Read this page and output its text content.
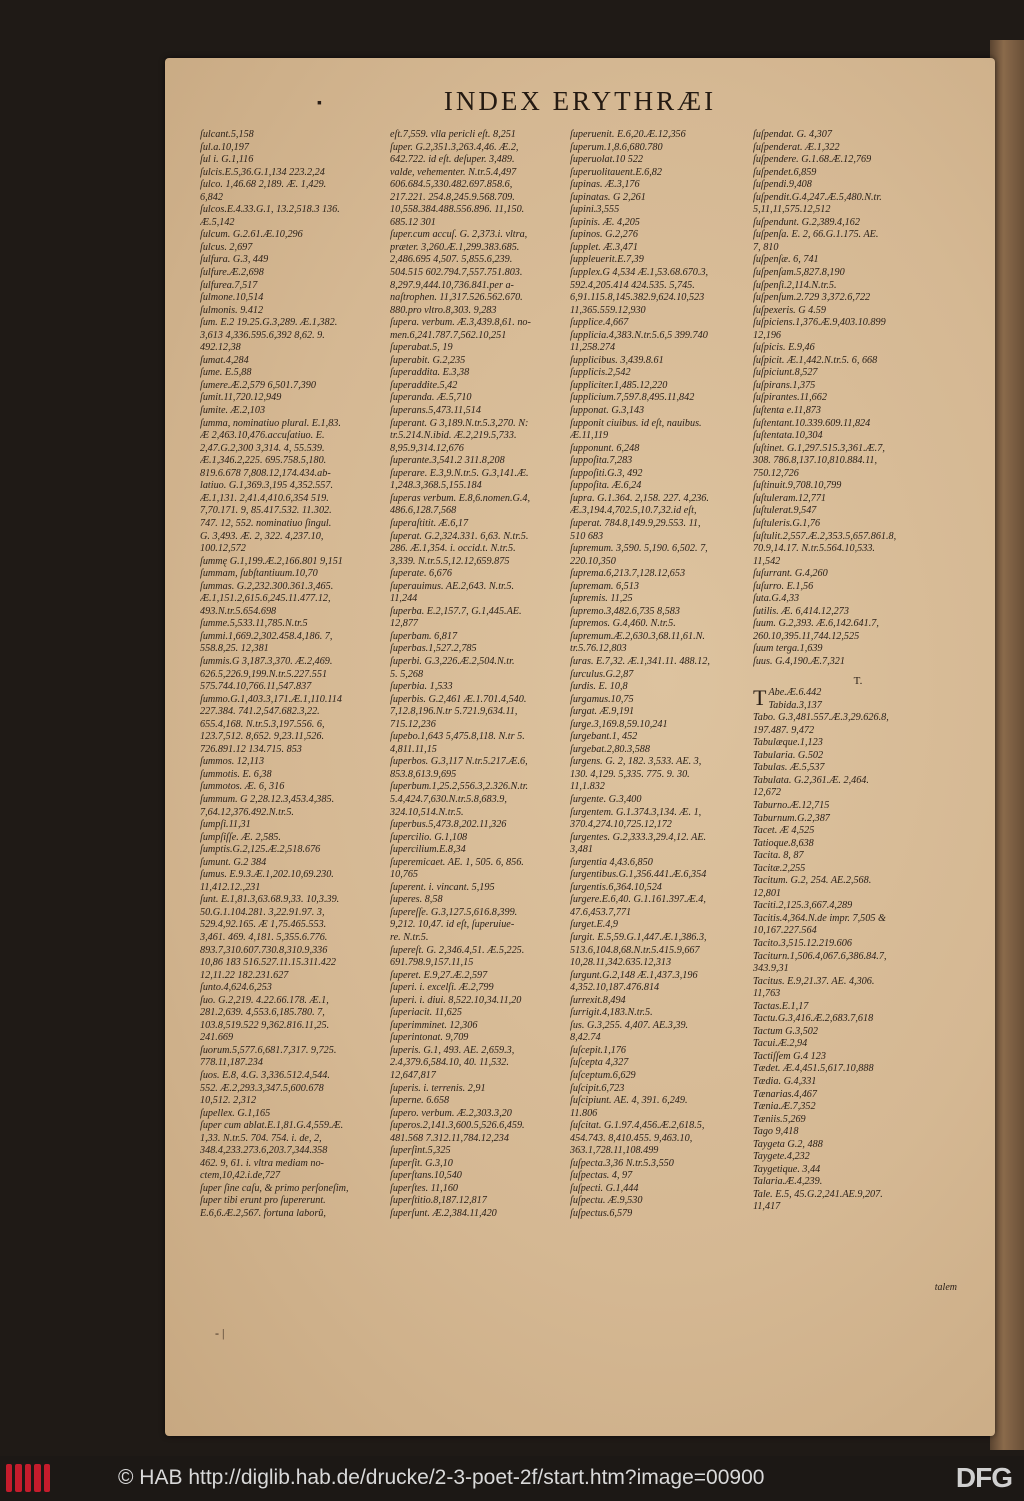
▪	INDEX ERYTHRÆI
ſulcant.5,158
ſul.a.10,197
ſul i. G.1,116
ſulcis.E.5,36.G.1,134 223.2,24
ſulco. 1,46.68 2,189. Æ. 1,429.
6,842
ſulcos.E.4.33.G.1, 13.2,518.3 136.
Æ.5,142
ſulcum. G.2.61.Æ.10,296
ſulcus. 2,697
ſulfura. G.3, 449
ſulfure.Æ.2,698
ſulfurea.7,517
ſulmone.10,514
ſulmonis. 9.412
ſum. E.2 19.25.G.3,289. Æ.1,382.
3,613 4,336.595.6,392 8,62. 9.
492.12,38
ſumat.4,284
ſume. E.5,88
ſumere.Æ.2,579 6,501.7,390
ſumit.11,720.12,949
ſumite. Æ.2,103
ſumma, nominatiuo plural. E.1,83.
Æ 2,463.10,476.accuſatiuo. E.
2,47.G.2,300 3,314. 4, 55.539.
Æ.1,346.2,225. 695.758.5,180.
819.6.678 7,808.12,174.434.ab-
latiuo. G.1,369.3,195 4,352.557.
Æ.1,131. 2,41.4,410.6,354 519.
7,70.171. 9, 85.417.532. 11.302.
747. 12, 552. nominatiuo ſingul.
G. 3,493. Æ. 2, 322. 4,237.10,
100.12,572
ſummę G.1,199.Æ.2,166.801 9,151
ſummam, ſubſtantiuum.10,70
ſummas. G.2,232.300.361.3,465.
Æ.1,151.2,615.6,245.11.477.12,
493.N.tr.5.654.698
ſumme.5,533.11,785.N.tr.5
ſummi.1,669.2,302.458.4,186. 7,
558.8,25. 12,381
ſummis.G 3,187.3,370. Æ.2,469.
626.5,226.9,199.N.tr.5.227.551
575.744.10,766.11,547.837
ſummo.G.1,403.3,171.Æ.1,110.114
227.384. 741.2,547.682.3,22.
655.4,168. N.tr.5.3,197.556. 6,
123.7,512. 8,652. 9,23.11,526.
726.891.12 134.715. 853
ſummos. 12,113
ſummotis. E. 6,38
ſummotos. Æ. 6, 316
ſummum. G 2,28.12.3,453.4,385.
7,64.12,376.492.N.tr.5.
ſumpſi.11,31
ſumpſiſſe. Æ. 2,585.
ſumptis.G.2,125.Æ.2,518.676
ſumunt. G.2 384
ſumus. E.9.3.Æ.1,202.10,69.230.
11,412.12.,231
ſunt. E.1,81.3,63.68.9,33. 10,3.39.
50.G.1.104.281. 3,22.91.97. 3,
529.4,92.165. Æ 1,75.465.553.
3,461. 469. 4,181. 5,355.6.776.
893.7,310.607.730.8,310.9,336
10,86 183 516.527.11.15.311.422
12,11.22 182.231.627
ſunto.4,624.6,253
ſuo. G.2,219. 4.22.66.178. Æ.1,
281.2,639. 4,553.6,185.780. 7,
103.8,519.522 9,362.816.11,25.
241.669
ſuorum.5,577.6,681.7,317. 9,725.
778.11,187.234
ſuos. E.8, 4.G. 3,336.512.4,544.
552. Æ.2,293.3,347.5,600.678
10,512. 2,312
ſupellex. G.1,165
ſuper cum ablat.E.1,81.G.4,559.Æ.
1,33. N.tr.5. 704. 754. i. de, 2,
348.4,233.273.6,203.7,344.358
462. 9, 61. i. vltra mediam no-
ctem,10,42.i.de,727
ſuper ſine caſu, & primo perſoneſim,
ſuper tibi erunt pro ſupererunt.
E.6,6.Æ.2,567. fortuna laborū,
eſt.7,559. vlla pericli eſt. 8,251
ſuper. G.2,351.3,263.4,46. Æ.2,
642.722. id eſt. deſuper. 3,489.
valde, vehementer. N.tr.5.4,497
606.684.5,330.482.697.858.6,
217.221. 254.8,245.9.568.709.
10,558.384.488.556.896. 11,150.
685.12 301
ſuper.cum accuſ. G. 2,373.i. vltra,
præter. 3,260.Æ.1,299.383.685.
2,486.695 4,507. 5,855.6,239.
504.515 602.794.7,557.751.803.
8,297.9,444.10,736.841.per a-
naſtrophen. 11,317.526.562.670.
880.pro vltro.8,303. 9,283
ſupera. verbum. Æ.3,439.8,61. no-
men.6,241.787.7,562.10,251
ſuperabat.5, 19
ſuperabit. G.2,235
ſuperaddita. E.3,38
ſuperaddite.5,42
ſuperanda. Æ.5,710
ſuperans.5,473.11,514
ſuperant. G 3,189.N.tr.5.3,270. N:
tr.5.214.N.ibid. Æ.2,219.5,733.
8,95.9,314.12,676
ſuperante.3,541.2 311.8,208
ſuperare. E.3,9.N.tr.5. G.3,141.Æ.
1,248.3,368.5,155.184
ſuperas verbum. E.8,6.nomen.G.4,
486.6,128.7,568
ſuperaſtitit. Æ.6,17
ſuperat. G.2,324.331. 6,63. N.tr.5.
286. Æ.1,354. i. occid.t. N.tr.5.
3,339. N.tr.5.5,12.12,659.875
ſuperate. 6,676
ſuperauimus. AE.2,643. N.tr.5.
11,244
ſuperba. E.2,157.7, G.1,445.AE.
12,877
ſuperbam. 6,817
ſuperbas.1,527.2,785
ſuperbi. G.3,226.Æ.2,504.N.tr.
5. 5,268
ſuperbia. 1,533
ſuperbis. G.2,461 Æ.1.701.4,540.
7,12.8,196.N.tr 5.721.9,634.11,
715.12,236
ſupebo.1,643 5,475.8,118. N.tr 5.
4,811.11,15
ſuperbos. G.3,117 N.tr.5.217.Æ.6,
853.8,613.9,695
ſuperbum.1,25.2,556.3,2.326.N.tr.
5.4,424.7,630.N.tr.5.8,683.9,
324.10,514.N.tr.5.
ſuperbus.5,473.8,202.11,326
ſupercilio. G.1,108
ſupercilium.E.8,34
ſuperemicaet. AE. 1, 505. 6, 856.
10,765
ſuperent. i. vincant. 5,195
ſuperes. 8,58
ſupereſſe. G.3,127.5,616.8,399.
9,212. 10,47. id eſt, ſuperuiue-
re. N.tr.5.
ſupereſt. G. 2,346.4,51. Æ.5,225.
691.798.9,157.11,15
ſuperet. E.9,27.Æ.2,597
ſuperi. i. excelſi. Æ.2,799
ſuperi. i. diui. 8,522.10,34.11,20
ſuperiacit. 11,625
ſuperimminet. 12,306
ſuperintonat. 9,709
ſuperis. G.1, 493. AE. 2,659.3,
2.4,379.6,584.10, 40. 11,532.
12,647,817
ſuperis. i. terrenis. 2,91
ſuperne. 6.658
ſupero. verbum. Æ.2,303.3,20
ſuperos.2,141.3,600.5,526.6,459.
481.568 7.312.11,784.12,234
ſuperſint.5,325
ſuperſit. G.3,10
ſuperſtans.10,540
ſuperſtes. 11,160
ſuperſtitio.8,187.12,817
ſuperſunt. Æ.2,384.11,420
ſuperuenit. E.6,20.Æ.12,356
ſuperum.1,8.6,680.780
ſuperuolat.10 522
ſuperuolitauent.E.6,82
ſupinas. Æ.3,176
ſupinatas. G 2,261
ſupini.3,555
ſupinis. Æ. 4,205
ſupinos. G.2,276
ſupplet. Æ.3,471
ſuppleuerit.E.7,39
ſupplex.G 4,534 Æ.1,53.68.670.3,
592.4,205.414 424.535. 5,745.
6,91.115.8,145.382.9,624.10,523
11,365.559.12,930
ſupplice.4,667
ſupplicia.4,383.N.tr.5.6,5 399.740
11,258.274
ſupplicibus. 3,439.8.61
ſupplicis.2,542
ſuppliciter.1,485.12,220
ſupplicium.7,597.8,495.11,842
ſupponat. G.3,143
ſupponit ciuibus. id eſt, nauibus.
Æ.11,119
ſupponunt. 6,248
ſuppoſita.7,283
ſuppoſiti.G.3, 492
ſuppoſita. Æ.6,24
ſupra. G.1.364. 2,158. 227. 4,236.
Æ.3,194.4,702.5,10.7,32.id eſt,
ſuperat. 784.8,149.9,29.553. 11,
510 683
ſupremum. 3,590. 5,190. 6,502. 7,
220.10,350
ſuprema.6,213.7,128.12,653
ſupremam. 6,513
ſupremis. 11,25
ſupremo.3,482.6,735 8,583
ſupremos. G.4,460. N.tr.5.
ſupremum.Æ.2,630.3,68.11,61.N.
tr.5.76.12,803
ſuras. E.7,32. Æ.1,341.11. 488.12,
ſurculus.G.2,87
ſurdis. E. 10,8
ſurgamus.10,75
ſurgat. Æ.9,191
ſurge.3,169.8,59.10,241
ſurgebant.1, 452
ſurgebat.2,80.3,588
ſurgens. G. 2, 182. 3,533. AE. 3,
130. 4,129. 5,335. 775. 9. 30.
11,1.832
ſurgente. G.3,400
ſurgentem. G.1.374.3,134. Æ. 1,
370.4,274.10,725.12,172
ſurgentes. G.2,333.3,29.4,12. AE.
3,481
ſurgentia 4,43.6,850
ſurgentibus.G.1,356.441.Æ.6,354
ſurgentis.6,364.10,524
ſurgere.E.6,40. G.1.161.397.Æ.4,
47.6,453.7,771
ſurget.E.4,9
ſurgit. E.5,59.G.1,447.Æ.1,386.3,
513.6,104.8,68.N.tr.5.415.9,667
10,28.11,342.635.12,313
ſurgunt.G.2,148 Æ.1,437.3,196
4,352.10,187.476.814
ſurrexit.8,494
ſurrigit.4,183.N.tr.5.
ſus. G.3,255. 4,407. AE.3,39.
8,42.74
ſuſcepit.1,176
ſuſcepta 4,327
ſuſceptum.6,629
ſuſcipit.6,723
ſuſcipiunt. AE. 4, 391. 6,249.
11.806
ſuſcitat. G.1.97.4,456.Æ.2,618.5,
454.743. 8,410.455. 9,463.10,
363.1,728.11,108.499
ſuſpecta.3,36 N.tr.5.3,550
ſuſpectas. 4, 97
ſuſpecti. G.1,444
ſuſpectu. Æ.9,530
ſuſpectus.6,579
ſuſpendat. G. 4,307
ſuſpenderat. Æ.1,322
ſuſpendere. G.1.68.Æ.12,769
ſuſpendet.6,859
ſuſpendi.9,408
ſuſpendit.G.4,247.Æ.5,480.N.tr.
5,11,11,575.12,512
ſuſpendunt. G.2,389.4,162
ſuſpenſa. E. 2, 66.G.1.175. AE.
7, 810
ſuſpenſæ. 6, 741
ſuſpenſam.5,827.8,190
ſuſpenſi.2,114.N.tr.5.
ſuſpenſum.2.729 3,372.6,722
ſuſpexeris. G 4.59
ſuſpiciens.1,376.Æ.9,403.10.899
12,196
ſuſpicis. E.9,46
ſuſpicit. Æ.1,442.N.tr.5. 6, 668
ſuſpiciunt.8,527
ſuſpirans.1,375
ſuſpirantes.11,662
ſuſtenta e.11,873
ſuſtentant.10.339.609.11,824
ſuſtentata.10,304
ſuſtinet. G.1,297.515.3,361.Æ.7,
308. 786.8,137.10,810.884.11,
750.12,726
ſuſtinuit.9,708.10,799
ſuſtuleram.12,771
ſuſtulerat.9,547
ſuſtuleris.G.1,76
ſuſtulit.2,557.Æ.2,353.5,657.861.8,
70.9,14.17. N.tr.5.564.10,533.
11,542
ſuſurrant. G.4,260
ſuſurro. E.1,56
ſuta.G.4,33
ſutilis. Æ. 6,414.12,273
ſuum. G.2,393. Æ.6,142.641.7,
260.10,395.11,744.12,525
ſuum terga.1,639
ſuus. G.4,190.Æ.7,321
T.
T Abe.Æ.6.442
Tabida.3,137
Tabo. G.3,481.557.Æ.3,29.626.8,
197.487. 9,472
Tabulæque.1,123
Tabularia. G.502
Tabulas. Æ.5,537
Tabulata. G.2,361.Æ. 2,464.
12,672
Taburno.Æ.12,715
Taburnum.G.2,387
Tacet. Æ 4,525
Tatioque.8,638
Tacita. 8, 87
Tacitæ.2,255
Tacitum. G.2, 254. AE.2,568.
12,801
Taciti.2,125.3,667.4,289
Tacitis.4,364.N.de impr. 7,505 &
10,167.227.564
Tacito.3,515.12.219.606
Taciturn.1,506.4,067.6,386.84.7,
343.9,31
Tacitus. E.9,21.37. AE. 4,306.
11,763
Tactas.E.1,17
Tactu.G.3,416.Æ.2,683.7,618
Tactum G.3,502
Tacui.Æ.2,94
Tactiſſem G.4 123
Tædet. Æ.4,451.5,617.10,888
Tædia. G.4,331
Tænarias.4,467
Tænia.Æ.7,352
Tæniis.5,269
Tago 9,418
Taygeta G.2, 488
Taygete.4,232
Taygetique. 3,44
Talaria.Æ.4,239.
Tale. E.5, 45.G.2,241.AE.9,207.
11,417
talem
- |
© HAB http://diglib.hab.de/drucke/2-3-poet-2f/start.htm?image=00900	DFG
